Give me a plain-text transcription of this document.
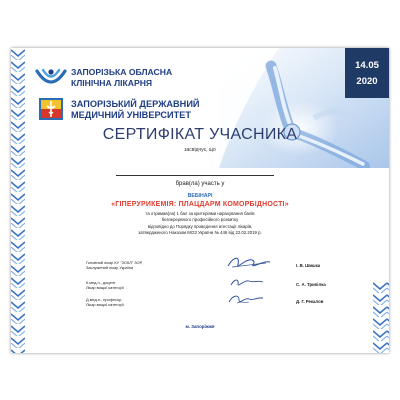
14.05
2020
ЗАПОРІЗЬКА ОБЛАСНА
КЛІНІЧНА ЛІКАРНЯ
ЗАПОРІЗЬКИЙ ДЕРЖАВНИЙ
МЕДИЧНИЙ УНІВЕРСИТЕТ
СЕРТИФІКАТ УЧАСНИКА
засвідчує, що
брав(ла) участь у
ВЕБІНАРІ
«ГІПЕРУРИКЕМІЯ: ПЛАЦДАРМ КОМОРБІДНОСТІ»
та отримав(ла) 1 бал за критеріями нарахування балів
безперервного професійного розвитку
відповідно до Порядку проведення атестації лікарів,
затвердженого Наказом МОЗ України № 446 від 22.02.2019 р.
Головний лікар КУ "ЗОКЛ" ЗОР,
Заслужений лікар України	І. В. Шишка
К.мед.н., доцент
Лікар вищої категорії
С. А. Трипілка
Д.мед.н., професор,
Лікар вищої категорії
Д. Г. Рекалов
м. Запоріжжя
